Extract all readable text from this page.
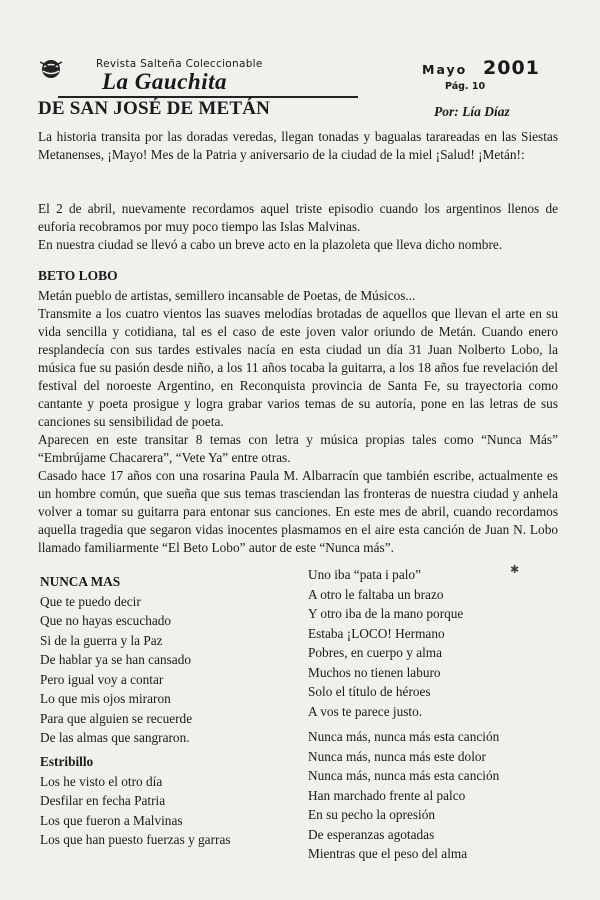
Revista Salteña Coleccionable
La Gauchita	Mayo 2001
Pág. 10
DE SAN JOSÉ DE METÁN	Por: Lía Díaz
La historia transita por las doradas veredas, llegan tonadas y bagualas tarareadas en las Siestas Metanenses, ¡Mayo! Mes de la Patria y aniversario de la ciudad de la miel ¡Salud! ¡Metán!:
El 2 de abril, nuevamente recordamos aquel triste episodio cuando los argentinos llenos de euforia recobramos por muy poco tiempo las Islas Malvinas.
En nuestra ciudad se llevó a cabo un breve acto en la plazoleta que lleva dicho nombre.
BETO LOBO
Metán pueblo de artistas, semillero incansable de Poetas, de Músicos...
Transmite a los cuatro vientos las suaves melodías brotadas de aquellos que llevan el arte en su vida sencilla y cotidiana, tal es el caso de este joven valor oriundo de Metán. Cuando enero resplandecía con sus tardes estivales nacía en esta ciudad un día 31 Juan Nolberto Lobo, la música fue su pasión desde niño, a los 11 años tocaba la guitarra, a los 18 años fue revelación del festival del noroeste Argentino, en Reconquista provincia de Santa Fe, su trayectoria como cantante y poeta prosigue y logra grabar varios temas de su autoría, pone en las letras de sus canciones su sensibilidad de poeta.
Aparecen en este transitar 8 temas con letra y música propias tales como “Nunca Más” “Embrújame Chacarera”, “Vete Ya” entre otras.
Casado hace 17 años con una rosarina Paula M. Albarracín que también escribe, actualmente es un hombre común, que sueña que sus temas trasciendan las fronteras de nuestra ciudad y anhela volver a tomar su guitarra para entonar sus canciones. En este mes de abril, cuando recordamos aquella tragedia que segaron vidas inocentes plasmamos en el aire esta canción de Juan N. Lobo llamado familiarmente “El Beto Lobo” autor de este “Nunca más”.
NUNCA MAS
Que te puedo decir
Que no hayas escuchado
Si de la guerra y la Paz
De hablar ya se han cansado
Pero igual voy a contar
Lo que mis ojos miraron
Para que alguien se recuerde
De las almas que sangraron.
Estribillo
Los he visto el otro día
Desfilar en fecha Patria
Los que fueron a Malvinas
Los que han puesto fuerzas y garras
✱
Uno iba “pata i palo”
A otro le faltaba un brazo
Y otro iba de la mano porque
Estaba ¡LOCO! Hermano
Pobres, en cuerpo y alma
Muchos no tienen laburo
Solo el título de héroes
A vos te parece justo.
Nunca más, nunca más esta canción
Nunca más, nunca más este dolor
Nunca más, nunca más esta canción
Han marchado frente al palco
En su pecho la opresión
De esperanzas agotadas
Mientras que el peso del alma
